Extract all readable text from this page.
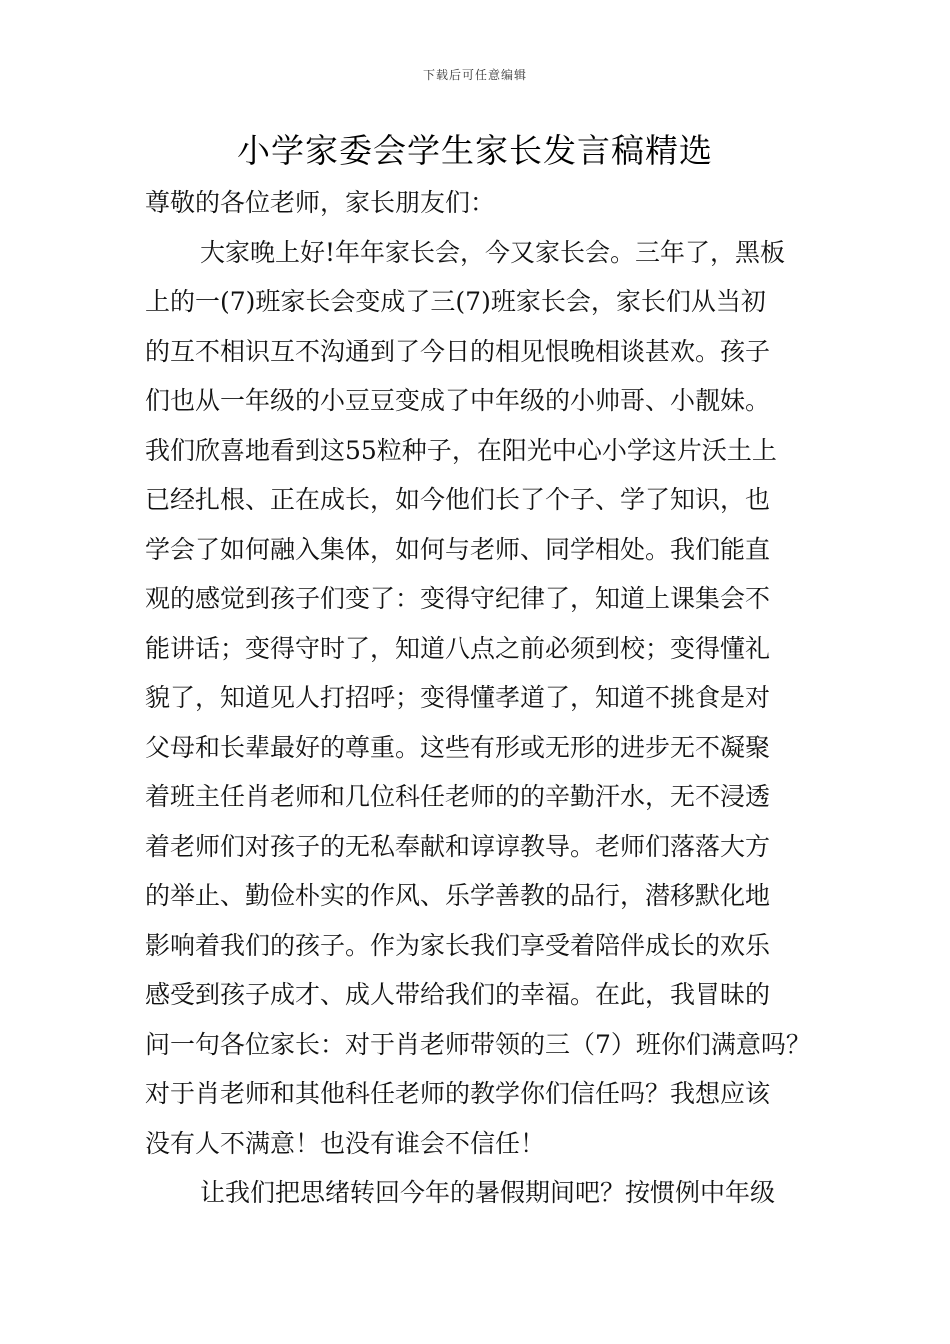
下载后可任意编辑
小学家委会学生家长发言稿精选
尊敬的各位老师，家长朋友们：
大家晚上好!年年家长会，今又家长会。三年了，黑板
上的一(7)班家长会变成了三(7)班家长会，家长们从当初
的互不相识互不沟通到了今日的相见恨晚相谈甚欢。孩子
们也从一年级的小豆豆变成了中年级的小帅哥、小靓妹。
我们欣喜地看到这55粒种子，在阳光中心小学这片沃土上
已经扎根、正在成长，如今他们长了个子、学了知识，也
学会了如何融入集体，如何与老师、同学相处。我们能直
观的感觉到孩子们变了：变得守纪律了，知道上课集会不
能讲话；变得守时了，知道八点之前必须到校；变得懂礼
貌了，知道见人打招呼；变得懂孝道了，知道不挑食是对
父母和长辈最好的尊重。这些有形或无形的进步无不凝聚
着班主任肖老师和几位科任老师的的辛勤汗水，无不浸透
着老师们对孩子的无私奉献和谆谆教导。老师们落落大方
的举止、勤俭朴实的作风、乐学善教的品行，潜移默化地
影响着我们的孩子。作为家长我们享受着陪伴成长的欢乐
感受到孩子成才、成人带给我们的幸福。在此，我冒昧的
问一句各位家长：对于肖老师带领的三（7）班你们满意吗？
对于肖老师和其他科任老师的教学你们信任吗？我想应该
没有人不满意！也没有谁会不信任！
让我们把思绪转回今年的暑假期间吧？按惯例中年级
